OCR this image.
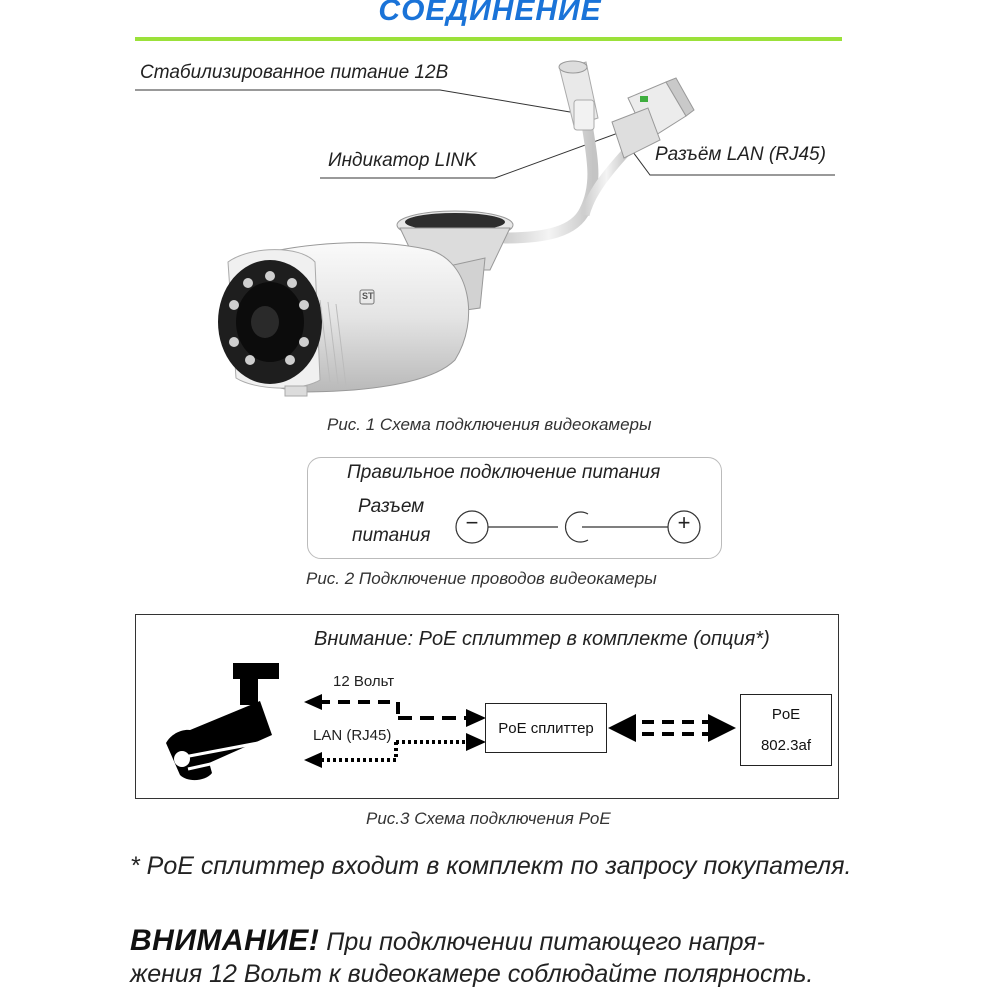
СОЕДИНЕНИЕ
ST
Стабилизированное питание 12В
Индикатор LINK	Разъём LAN (RJ45)
Рис. 1 Схема подключения видеокамеры
Правильное подключение питания
Разъем
питания
−	+
Рис. 2 Подключение проводов видеокамеры
Внимание: PoE сплиттер в комплекте (опция*)
12 Вольт
LAN (RJ45)	PoE сплиттер
PoE
802.3af
Рис.3 Схема подключения PoE
* PoE сплиттер входит в комплект по запросу покупателя.
ВНИМАНИЕ! При подключении питающего напря-
жения 12 Вольт к видеокамере соблюдайте полярность.
